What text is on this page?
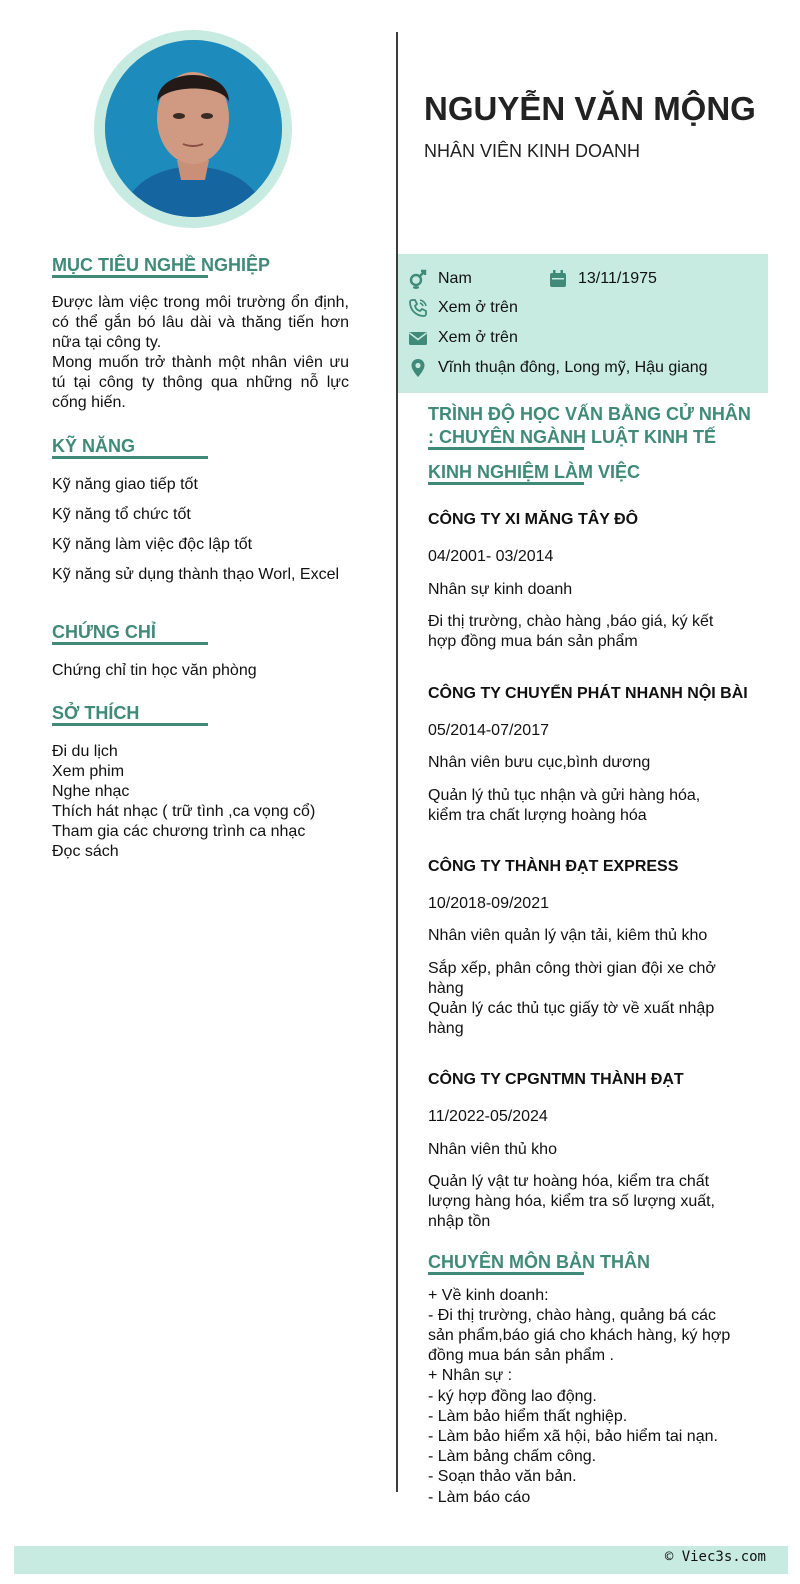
MỤC TIÊU NGHỀ NGHIỆP
Được làm việc trong môi trường ổn định, có thể gắn bó lâu dài và thăng tiến hơn nữa tại công ty.
Mong muốn trở thành một nhân viên ưu tú tại công ty thông qua những nỗ lực cống hiến.
KỸ NĂNG
Kỹ năng giao tiếp tốt
Kỹ năng tổ chức tốt
Kỹ năng làm việc độc lập tốt
Kỹ năng sử dụng thành thạo Worl, Excel
CHỨNG CHỈ
Chứng chỉ tin học văn phòng
SỞ THÍCH
Đi du lịch
Xem phim
Nghe nhạc
Thích hát nhạc ( trữ tình ,ca vọng cổ)
Tham gia các chương trình ca nhạc
Đọc sách
NGUYỄN VĂN MỘNG
NHÂN VIÊN KINH DOANH
Nam	13/11/1975
Xem ở trên
Xem ở trên
Vĩnh thuận đông, Long mỹ, Hậu giang
TRÌNH ĐỘ HỌC VẤN BẰNG CỬ NHÂN
: CHUYÊN NGÀNH LUẬT KINH TẾ
KINH NGHIỆM LÀM VIỆC
CÔNG TY XI MĂNG TÂY ĐÔ
04/2001- 03/2014
Nhân sự kinh doanh
Đi thị trường, chào hàng ,báo giá, ký kết
hợp đồng mua bán sản phẩm
CÔNG TY CHUYỂN PHÁT NHANH NỘI BÀI
05/2014-07/2017
Nhân viên bưu cục,bình dương
Quản lý thủ tục nhận và gửi hàng hóa,
kiểm tra chất lượng hoàng hóa
CÔNG TY THÀNH ĐẠT EXPRESS
10/2018-09/2021
Nhân viên quản lý vận tải, kiêm thủ kho
Sắp xếp, phân công thời gian đội xe chở
hàng
Quản lý các thủ tục giấy tờ về xuất nhập
hàng
CÔNG TY CPGNTMN THÀNH ĐẠT
11/2022-05/2024
Nhân viên thủ kho
Quản lý vật tư hoàng hóa, kiểm tra chất
lượng hàng hóa, kiểm tra số lượng xuất,
nhập tồn
CHUYÊN MÔN BẢN THÂN
+ Về kinh doanh:
- Đi thị trường, chào hàng, quảng bá các
sản phẩm,báo giá cho khách hàng, ký hợp
đồng mua bán sản phẩm .
+ Nhân sự :
- ký hợp đồng lao động.
- Làm bảo hiểm thất nghiệp.
- Làm bảo hiểm xã hội, bảo hiểm tai nạn.
- Làm bảng chấm công.
- Soạn thảo văn bản.
- Làm báo cáo
© Viec3s.com
